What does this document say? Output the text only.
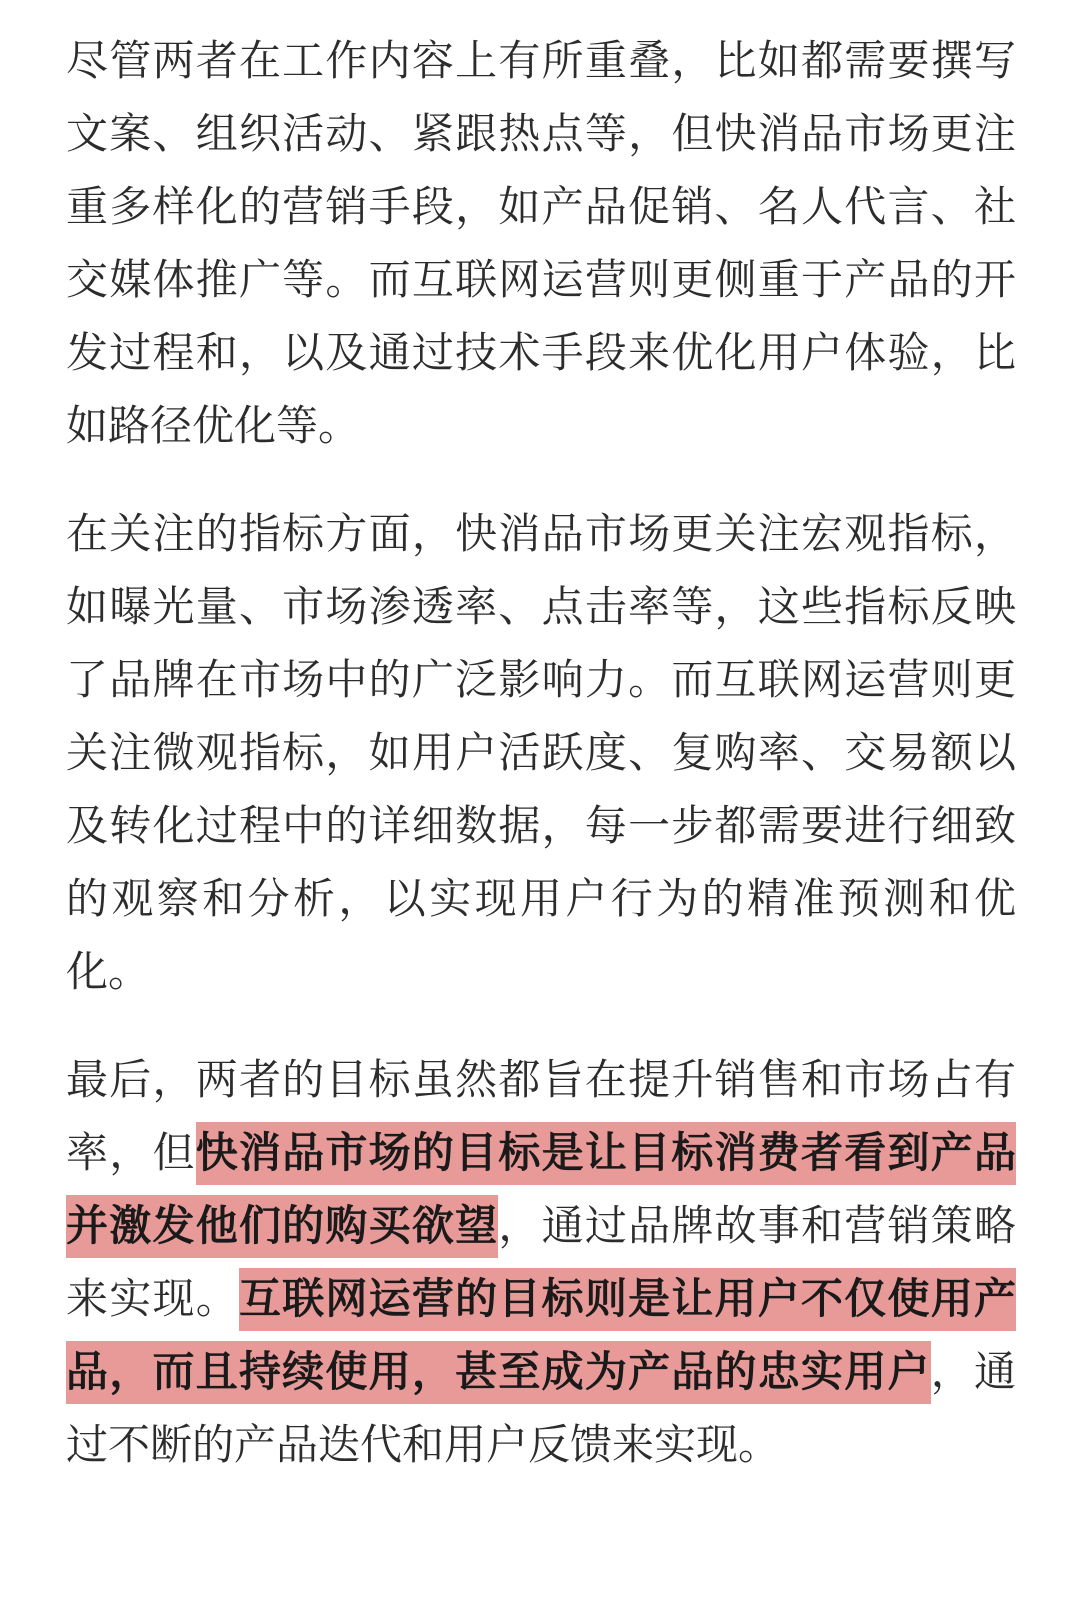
尽管两者在工作内容上有所重叠，比如都需要撰写文案、组织活动、紧跟热点等，但快消品市场更注重多样化的营销手段，如产品促销、名人代言、社交媒体推广等。而互联网运营则更侧重于产品的开发过程和，以及通过技术手段来优化用户体验，比如路径优化等。

在关注的指标方面，快消品市场更关注宏观指标，如曝光量、市场渗透率、点击率等，这些指标反映了品牌在市场中的广泛影响力。而互联网运营则更关注微观指标，如用户活跃度、复购率、交易额以及转化过程中的详细数据，每一步都需要进行细致的观察和分析，以实现用户行为的精准预测和优化。

最后，两者的目标虽然都旨在提升销售和市场占有率，但快消品市场的目标是让目标消费者看到产品并激发他们的购买欲望，通过品牌故事和营销策略来实现。互联网运营的目标则是让用户不仅使用产品，而且持续使用，甚至成为产品的忠实用户，通过不断的产品迭代和用户反馈来实现。
